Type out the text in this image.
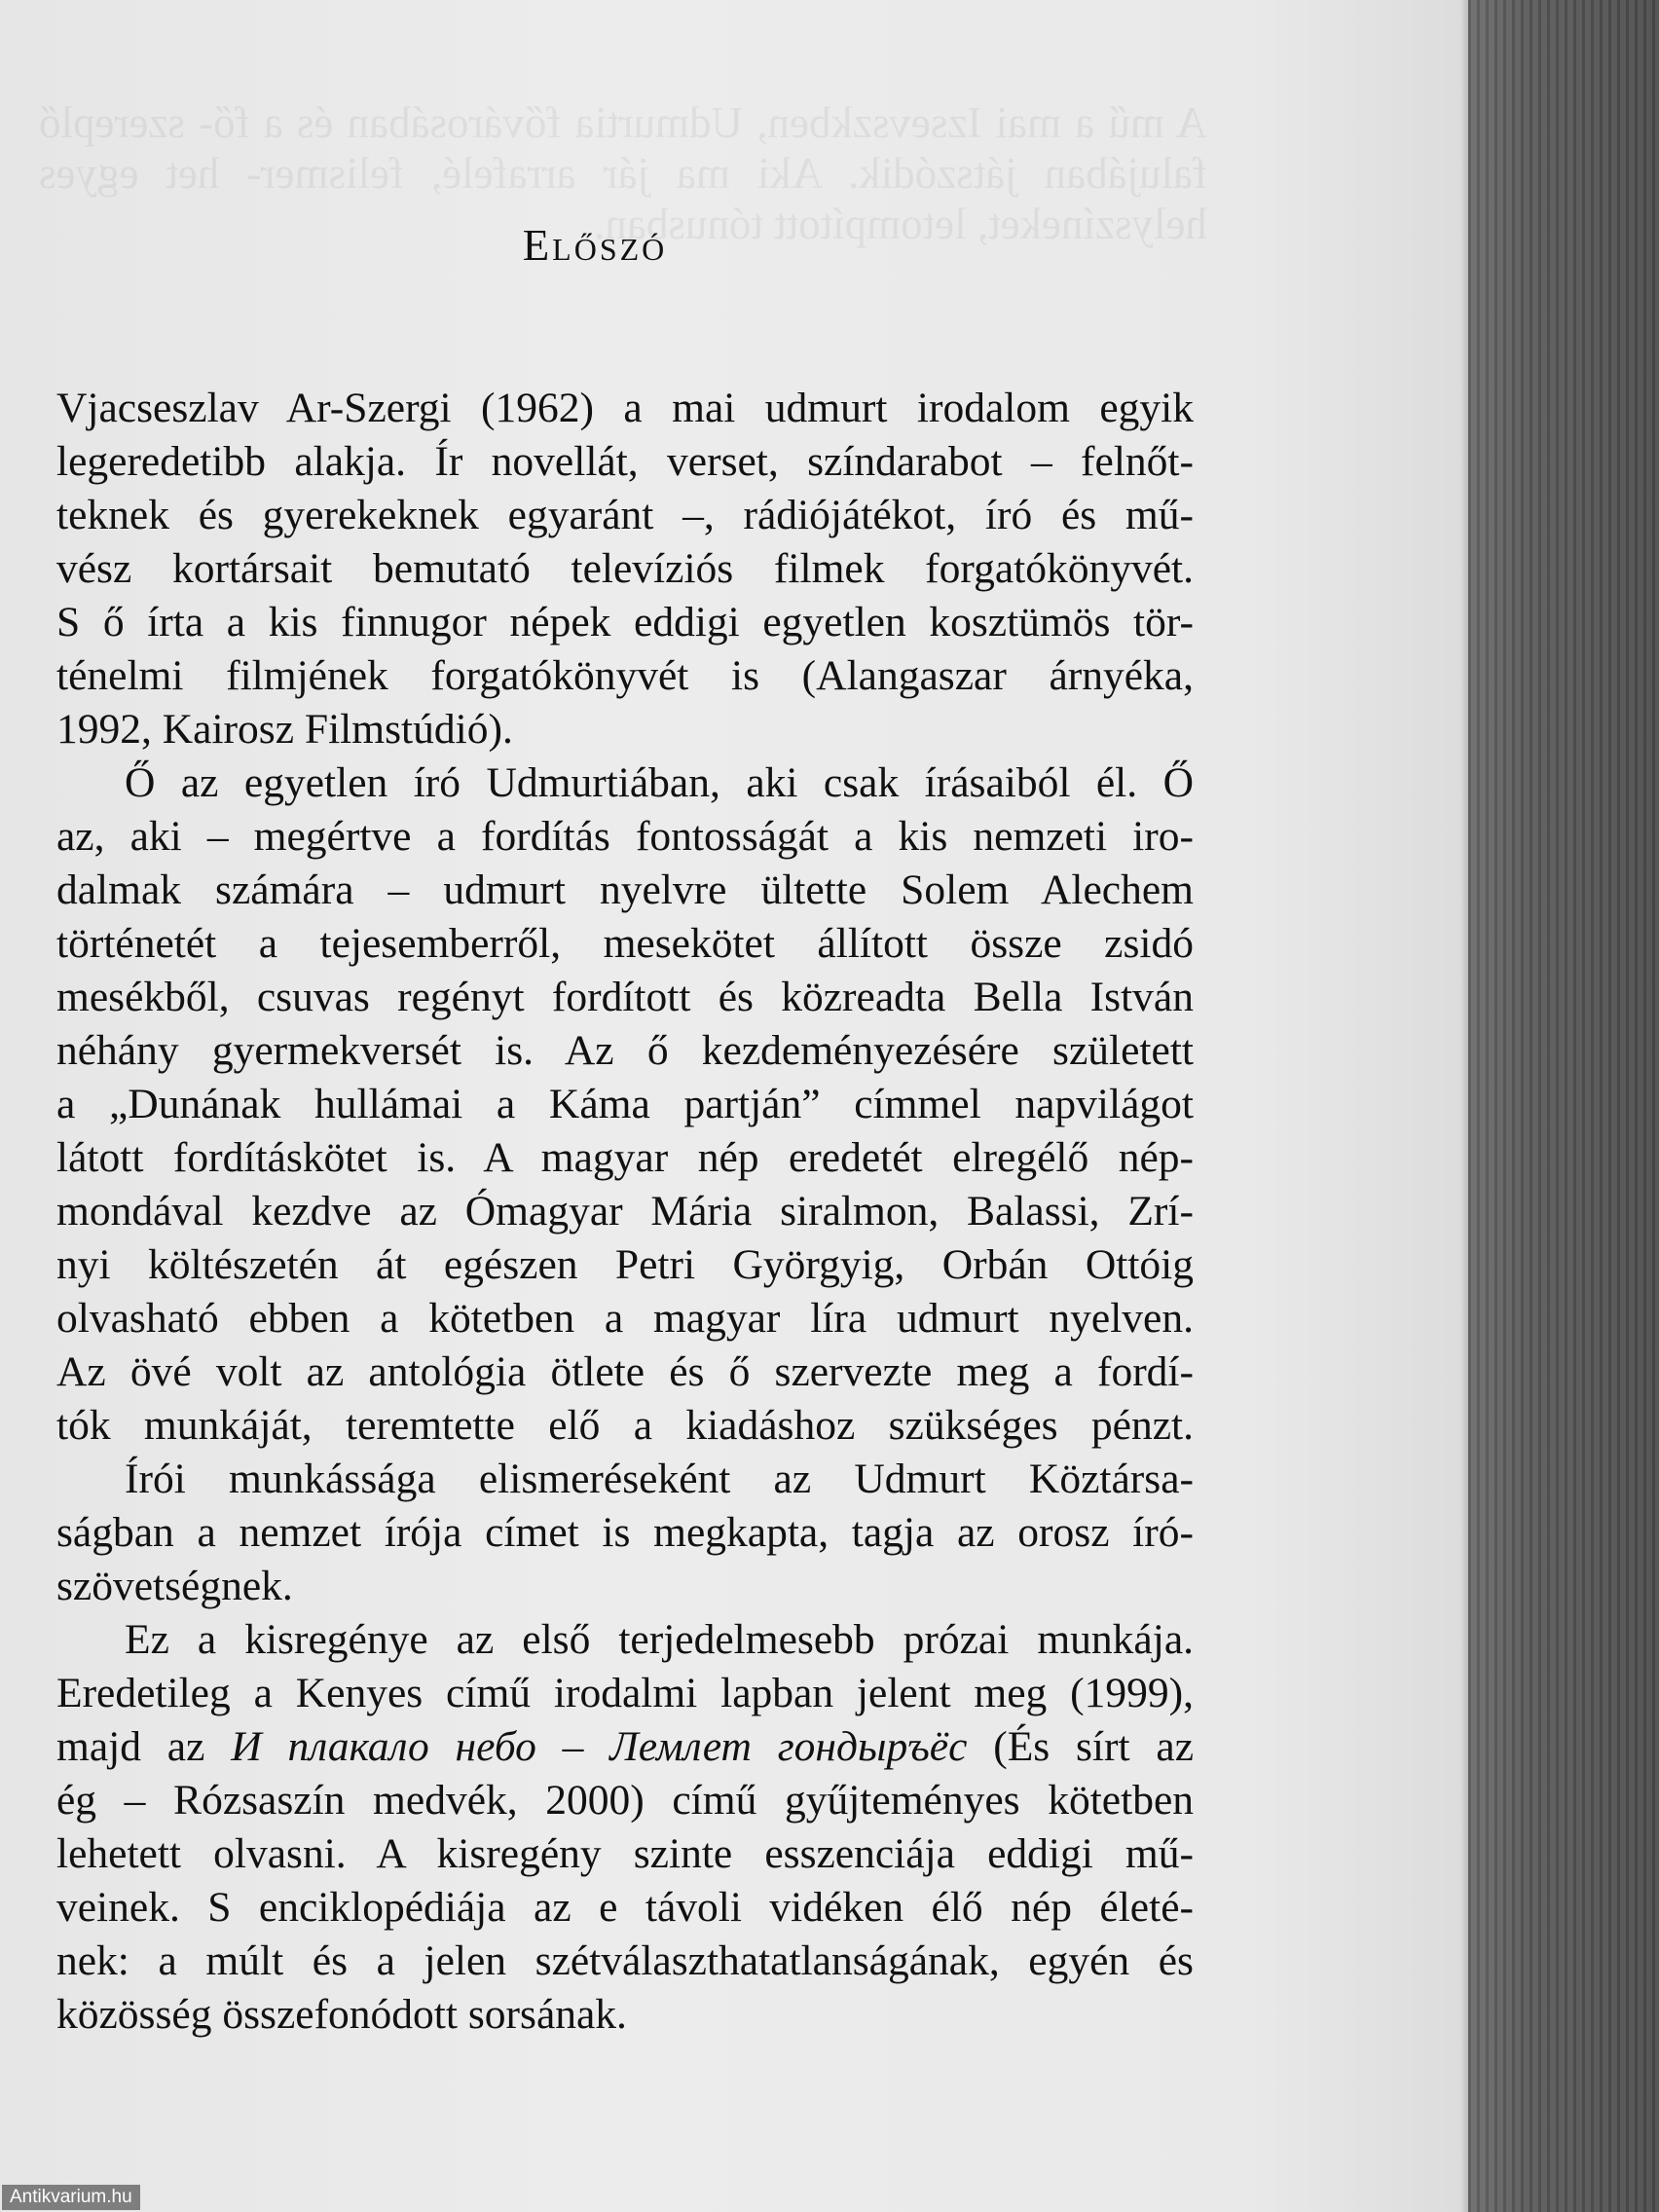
A mű a mai Izsevszkben, Udmurtia fővárosában és a fő- szereplő falujában játszódik. Aki ma jár arrafelé, felismer- het egyes helyszíneket, letompított tónusban.
Előszó

Vjacseszlav Ar-Szergi (1962) a mai udmurt irodalom egyik
legeredetibb alakja. Ír novellát, verset, színdarabot – felnőt-
teknek és gyerekeknek egyaránt –, rádiójátékot, író és mű-
vész kortársait bemutató televíziós filmek forgatókönyvét.
S ő írta a kis finnugor népek eddigi egyetlen kosztümös tör-
ténelmi filmjének forgatókönyvét is (Alangaszar árnyéka,
1992, Kairosz Filmstúdió).

Ő az egyetlen író Udmurtiában, aki csak írásaiból él. Ő
az, aki – megértve a fordítás fontosságát a kis nemzeti iro-
dalmak számára – udmurt nyelvre ültette Solem Alechem
történetét a tejesemberről, mesekötet állított össze zsidó
mesékből, csuvas regényt fordított és közreadta Bella István
néhány gyermekversét is. Az ő kezdeményezésére született
a „Dunának hullámai a Káma partján” címmel napvilágot
látott fordításkötet is. A magyar nép eredetét elregélő nép-
mondával kezdve az Ómagyar Mária siralmon, Balassi, Zrí-
nyi költészetén át egészen Petri Györgyig, Orbán Ottóig
olvasható ebben a kötetben a magyar líra udmurt nyelven.
Az övé volt az antológia ötlete és ő szervezte meg a fordí-
tók munkáját, teremtette elő a kiadáshoz szükséges pénzt.

Írói munkássága elismeréseként az Udmurt Köztársa-
ságban a nemzet írója címet is megkapta, tagja az orosz író-
szövetségnek.

Ez a kisregénye az első terjedelmesebb prózai munkája.
Eredetileg a Kenyes című irodalmi lapban jelent meg (1999),
majd az И плакало небо – Лемлет гондыръёс (És sírt az
ég – Rózsaszín medvék, 2000) című gyűjteményes kötetben
lehetett olvasni. A kisregény szinte esszenciája eddigi mű-
veinek. S enciklopédiája az e távoli vidéken élő nép életé-
nek: a múlt és a jelen szétválaszthatatlanságának, egyén és
közösség összefonódott sorsának.

Antikvarium.hu
